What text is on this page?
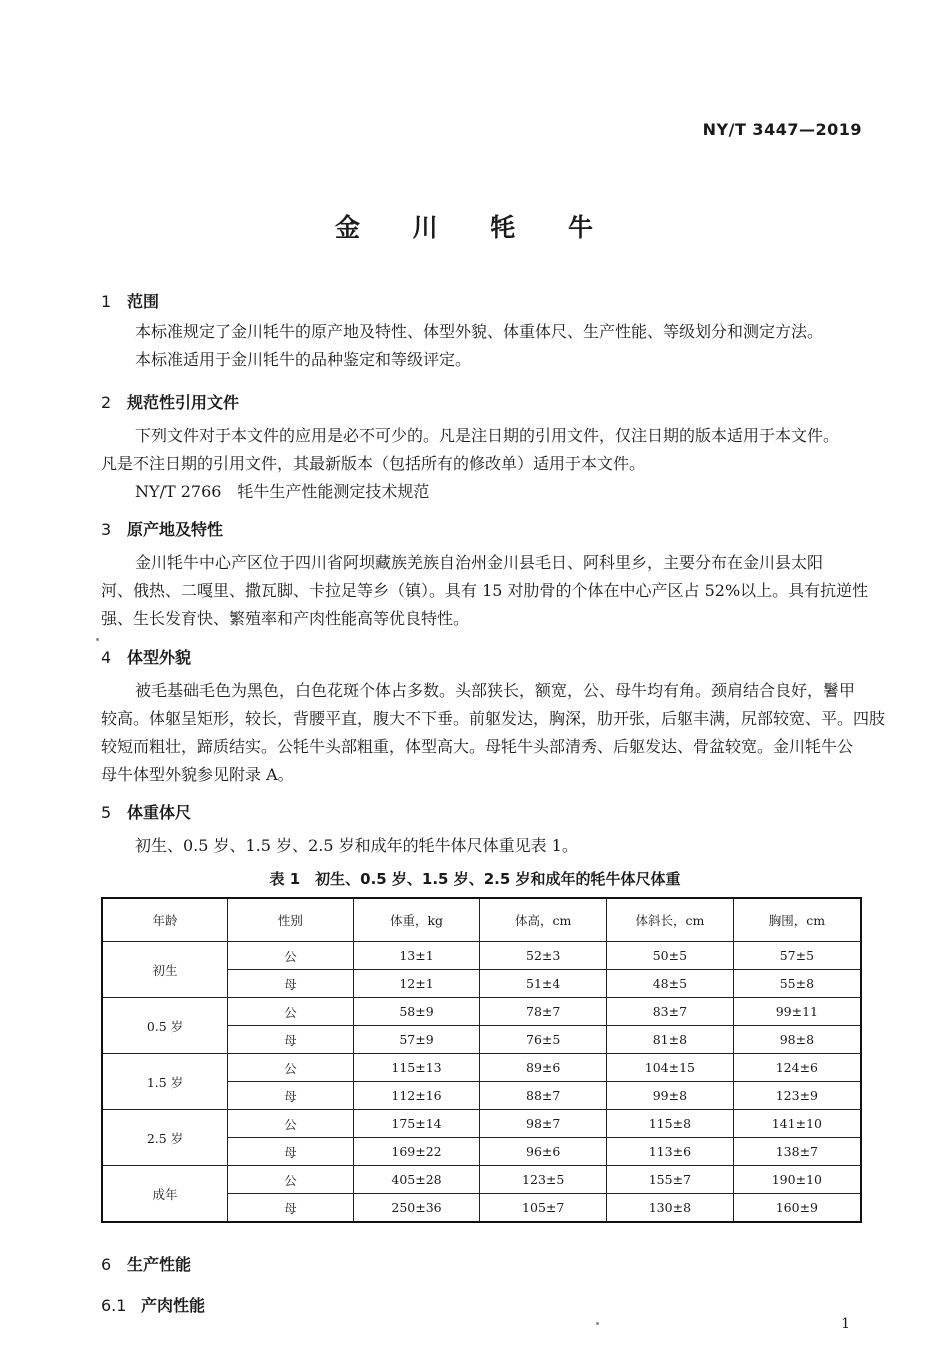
NY/T 3447—2019
金 川 牦 牛
1 范围
本标准规定了金川牦牛的原产地及特性、体型外貌、体重体尺、生产性能、等级划分和测定方法。
本标准适用于金川牦牛的品种鉴定和等级评定。
2 规范性引用文件
下列文件对于本文件的应用是必不可少的。凡是注日期的引用文件，仅注日期的版本适用于本文件。
凡是不注日期的引用文件，其最新版本（包括所有的修改单）适用于本文件。
NY/T 2766　牦牛生产性能测定技术规范
3 原产地及特性
金川牦牛中心产区位于四川省阿坝藏族羌族自治州金川县毛日、阿科里乡，主要分布在金川县太阳
河、俄热、二嘎里、撒瓦脚、卡拉足等乡（镇）。具有 15 对肋骨的个体在中心产区占 52%以上。具有抗逆性
强、生长发育快、繁殖率和产肉性能高等优良特性。
4 体型外貌
被毛基础毛色为黑色，白色花斑个体占多数。头部狭长，额宽，公、母牛均有角。颈肩结合良好，鬐甲
较高。体躯呈矩形，较长，背腰平直，腹大不下垂。前躯发达，胸深，肋开张，后躯丰满，尻部较宽、平。四肢
较短而粗壮，蹄质结实。公牦牛头部粗重，体型高大。母牦牛头部清秀、后躯发达、骨盆较宽。金川牦牛公
母牛体型外貌参见附录 A。
5 体重体尺
初生、0.5 岁、1.5 岁、2.5 岁和成年的牦牛体尺体重见表 1。
表 1　初生、0.5 岁、1.5 岁、2.5 岁和成年的牦牛体尺体重
年龄	性别	体重，kg	体高，cm	体斜长，cm	胸围，cm
初生	公	13±1	52±3	50±5	57±5
	母	12±1	51±4	48±5	55±8
0.5 岁	公	58±9	78±7	83±7	99±11
	母	57±9	76±5	81±8	98±8
1.5 岁	公	115±13	89±6	104±15	124±6
	母	112±16	88±7	99±8	123±9
2.5 岁	公	175±14	98±7	115±8	141±10
	母	169±22	96±6	113±6	138±7
成年	公	405±28	123±5	155±7	190±10
	母	250±36	105±7	130±8	160±9
6 生产性能
6.1 产肉性能
1
